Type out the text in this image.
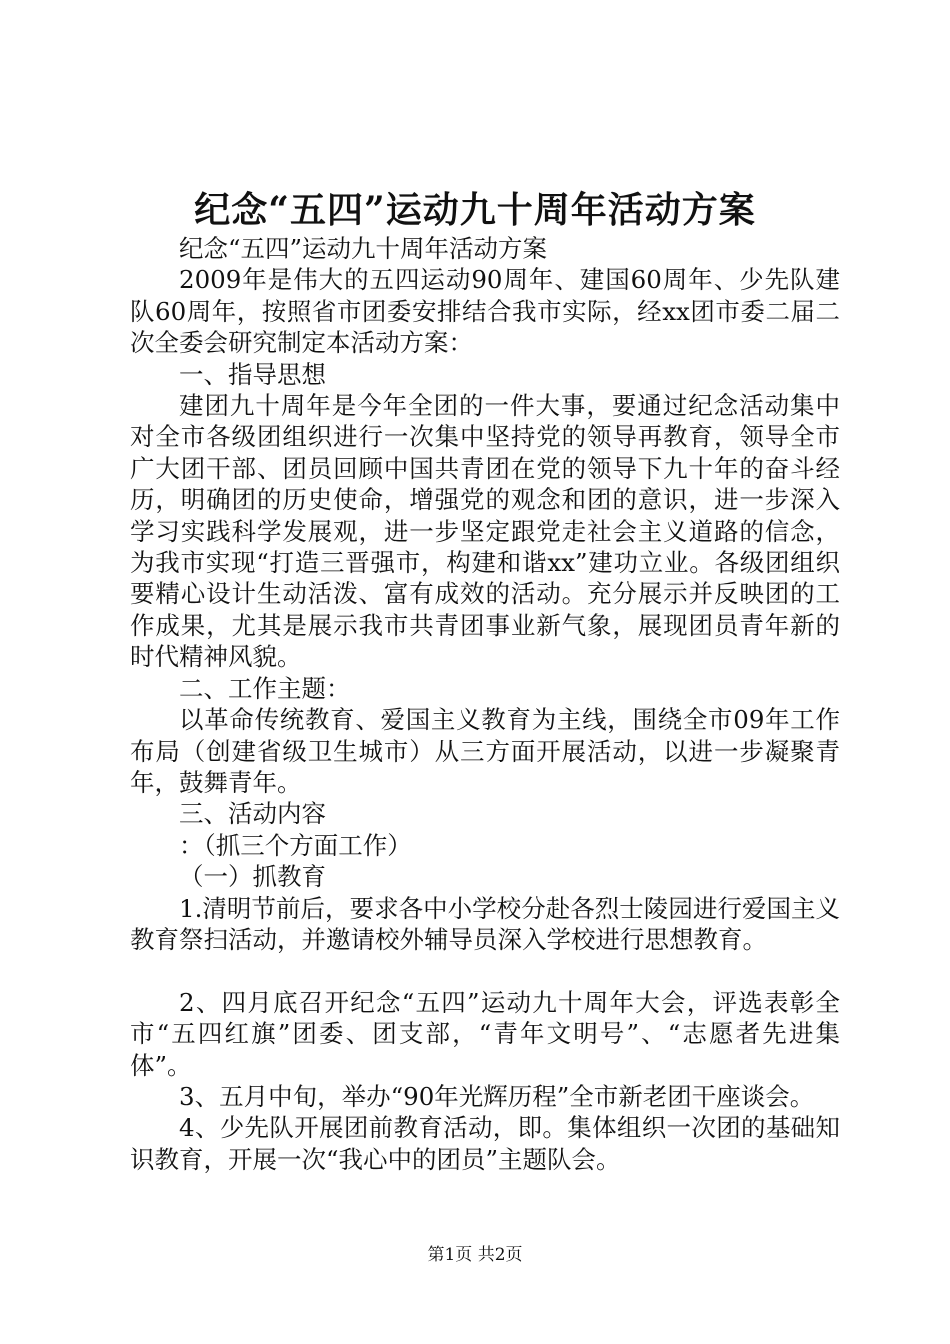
纪念“五四”运动九十周年活动方案

纪念“五四”运动九十周年活动方案

2009年是伟大的五四运动90周年、建国60周年、少先队建队60周年，按照省市团委安排结合我市实际，经xx团市委二届二次全委会研究制定本活动方案：

一、指导思想

建团九十周年是今年全团的一件大事，要通过纪念活动集中对全市各级团组织进行一次集中坚持党的领导再教育，领导全市广大团干部、团员回顾中国共青团在党的领导下九十年的奋斗经历，明确团的历史使命，增强党的观念和团的意识，进一步深入学习实践科学发展观，进一步坚定跟党走社会主义道路的信念，为我市实现“打造三晋强市，构建和谐xx”建功立业。各级团组织要精心设计生动活泼、富有成效的活动。充分展示并反映团的工作成果，尤其是展示我市共青团事业新气象，展现团员青年新的时代精神风貌。

二、工作主题：

以革命传统教育、爱国主义教育为主线，围绕全市09年工作布局（创建省级卫生城市）从三方面开展活动，以进一步凝聚青年，鼓舞青年。

三、活动内容

：（抓三个方面工作）

（一）抓教育

1.清明节前后，要求各中小学校分赴各烈士陵园进行爱国主义教育祭扫活动，并邀请校外辅导员深入学校进行思想教育。

2、四月底召开纪念“五四”运动九十周年大会，评选表彰全市“五四红旗”团委、团支部，“青年文明号”、“志愿者先进集体”。

3、五月中旬，举办“90年光辉历程”全市新老团干座谈会。

4、少先队开展团前教育活动，即。集体组织一次团的基础知识教育，开展一次“我心中的团员”主题队会。

第1页 共2页
